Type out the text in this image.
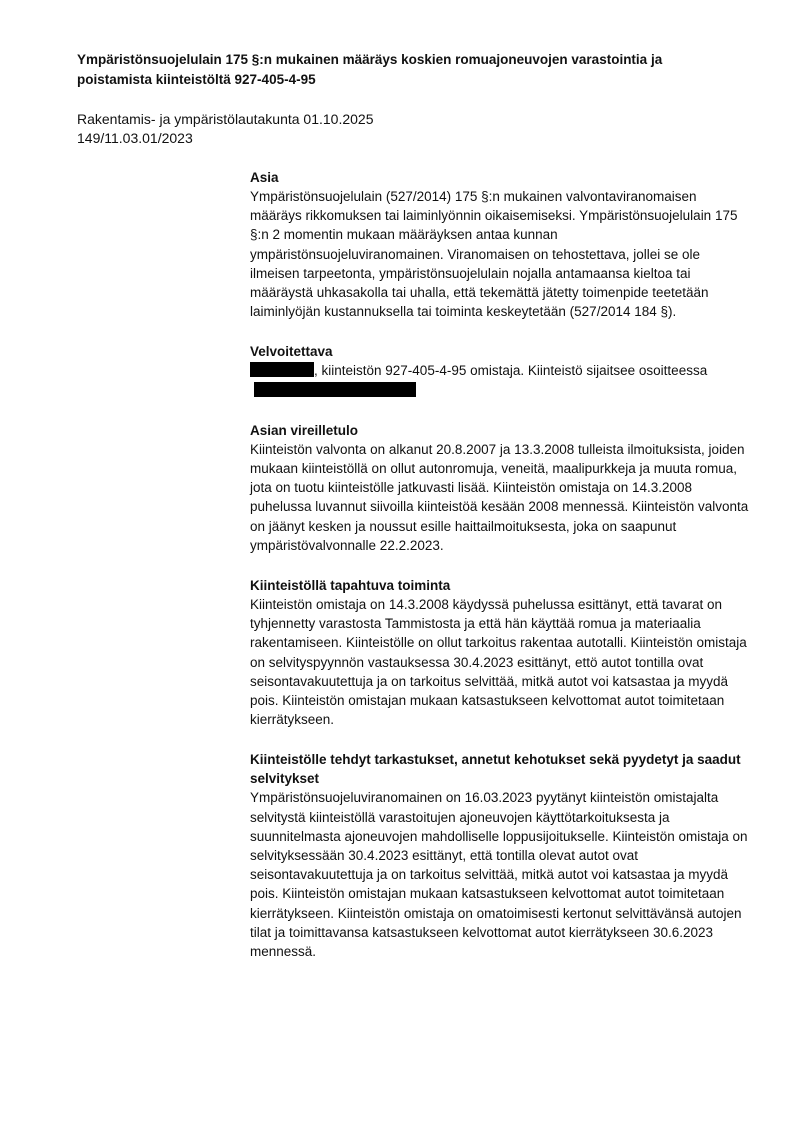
Ympäristönsuojelulain 175 §:n mukainen määräys koskien romuajoneuvojen varastointia ja poistamista kiinteistöltä 927-405-4-95
Rakentamis- ja ympäristölautakunta 01.10.2025
149/11.03.01/2023
Asia

Ympäristönsuojelulain (527/2014) 175 §:n mukainen valvontaviranomaisen määräys rikkomuksen tai laiminlyönnin oikaisemiseksi. Ympäristönsuojelulain 175 §:n 2 momentin mukaan määräyksen antaa kunnan ympäristönsuojeluviranomainen. Viranomaisen on tehostettava, jollei se ole ilmeisen tarpeetonta, ympäristönsuojelulain nojalla antamaansa kieltoa tai määräystä uhkasakolla tai uhalla, että tekemättä jätetty toimenpide teetetään laiminlyöjän kustannuksella tai toiminta keskeytetään (527/2014 184 §).

Velvoitettava

, kiinteistön 927-405-4-95 omistaja. Kiinteistö sijaitsee osoitteessa

Asian vireilletulo

Kiinteistön valvonta on alkanut 20.8.2007 ja 13.3.2008 tulleista ilmoituksista, joiden mukaan kiinteistöllä on ollut autonromuja, veneitä, maalipurkkeja ja muuta romua, jota on tuotu kiinteistölle jatkuvasti lisää. Kiinteistön omistaja on 14.3.2008 puhelussa luvannut siivoilla kiinteistöä kesään 2008 mennessä. Kiinteistön valvonta on jäänyt kesken ja noussut esille haittailmoituksesta, joka on saapunut ympäristövalvonnalle 22.2.2023.

Kiinteistöllä tapahtuva toiminta

Kiinteistön omistaja on 14.3.2008 käydyssä puhelussa esittänyt, että tavarat on tyhjennetty varastosta Tammistosta ja että hän käyttää romua ja materiaalia rakentamiseen. Kiinteistölle on ollut tarkoitus rakentaa autotalli. Kiinteistön omistaja on selvityspyynnön vastauksessa 30.4.2023 esittänyt, ettö autot tontilla ovat seisontavakuutettuja ja on tarkoitus selvittää, mitkä autot voi katsastaa ja myydä pois. Kiinteistön omistajan mukaan katsastukseen kelvottomat autot toimitetaan kierrätykseen.

Kiinteistölle tehdyt tarkastukset, annetut kehotukset sekä pyydetyt ja saadut selvitykset

Ympäristönsuojeluviranomainen on 16.03.2023 pyytänyt kiinteistön omistajalta selvitystä kiinteistöllä varastoitujen ajoneuvojen käyttötarkoituksesta ja suunnitelmasta ajoneuvojen mahdolliselle loppusijoitukselle. Kiinteistön omistaja on selvityksessään 30.4.2023 esittänyt, että tontilla olevat autot ovat seisontavakuutettuja ja on tarkoitus selvittää, mitkä autot voi katsastaa ja myydä pois. Kiinteistön omistajan mukaan katsastukseen kelvottomat autot toimitetaan kierrätykseen. Kiinteistön omistaja on omatoimisesti kertonut selvittävänsä autojen tilat ja toimittavansa katsastukseen kelvottomat autot kierrätykseen 30.6.2023 mennessä.
